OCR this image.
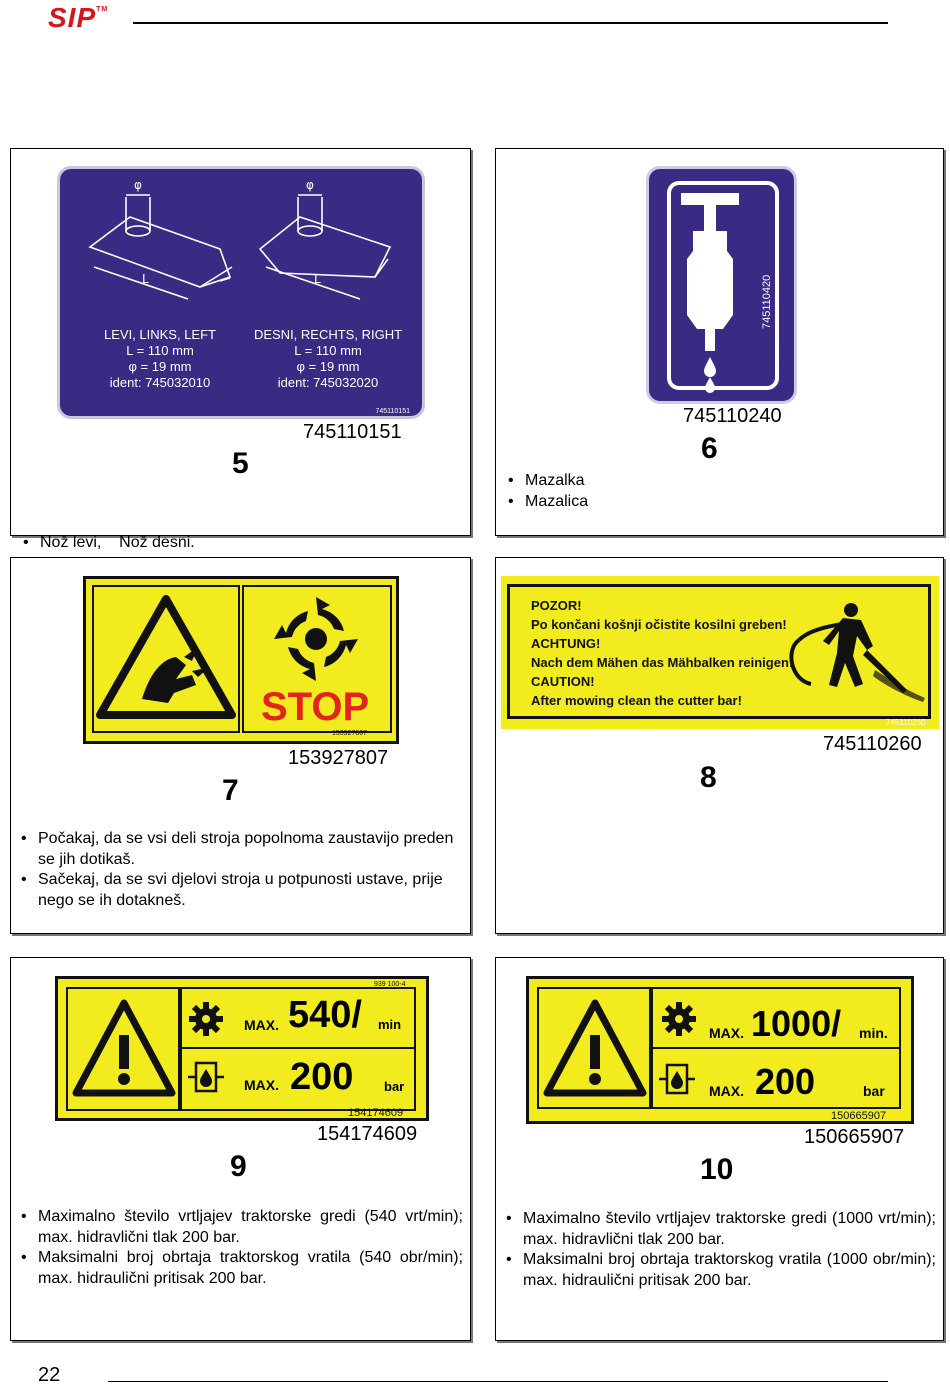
SIP™
φ	φ
L	L
LEVI, LINKS, LEFT
L = 110 mm
φ = 19 mm
ident: 745032010
DESNI, RECHTS, RIGHT
L = 110 mm
φ = 19 mm
ident: 745032020
745110151
745110151
5

• Nož levi,    Nož desni.

•

745110420
745110240
6
• Mazalka
• Mazalica
STOP
153927807
153927807
7
• Počakaj, da se vsi deli stroja popolnoma zaustavijo preden se jih dotikaš.
• Sačekaj, da se svi djelovi stroja u potpunosti ustave, prije nego se ih dotakneš.
POZOR!
Po končani košnji očistite kosilni greben!
ACHTUNG!
Nach dem Mähen das Mähbalken reinigen!
CAUTION!
After mowing clean the cutter bar!
745110260
745110260
8
MAX. 540/ min
939 100-4
MAX. 200 bar
154174609
154174609
9
• Maximalno število vrtljajev traktorske gredi (540 vrt/min); max. hidravlični tlak 200 bar.
• Maksimalni broj obrtaja traktorskog vratila (540 obr/min); max. hidraulični pritisak 200 bar.
MAX. 1000/ min.
MAX. 200	bar
150665907
150665907
10
• Maximalno število vrtljajev traktorske gredi (1000 vrt/min); max. hidravlični tlak 200 bar.
• Maksimalni broj obrtaja traktorskog vratila (1000 obr/min); max. hidraulični pritisak 200 bar.
22
